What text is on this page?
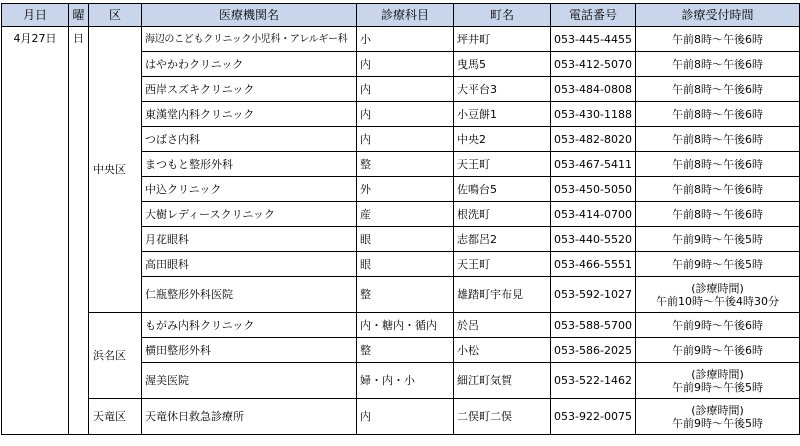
月日	曜	区	医療機関名	診療科目	町名	電話番号	診療受付時間
4月27日	日	中央区	海辺のこどもクリニック小児科・アレルギー科	小	坪井町	053-445-4455	午前8時～午後6時
			はやかわクリニック	内	曳馬5	053-412-5070	午前8時～午後6時
			西岸スズキクリニック	内	大平台3	053-484-0808	午前8時～午後6時
			東漢堂内科クリニック	内	小豆餅1	053-430-1188	午前8時～午後6時
			つばさ内科	内	中央2	053-482-8020	午前8時～午後6時
			まつもと整形外科	整	天王町	053-467-5411	午前8時～午後6時
			中込クリニック	外	佐鳴台5	053-450-5050	午前8時～午後6時
			大樹レディースクリニック	産	根洗町	053-414-0700	午前8時～午後6時
			月花眼科	眼	志都呂2	053-440-5520	午前9時～午後5時
			高田眼科	眼	天王町	053-466-5551	午前9時～午後5時
			仁瓶整形外科医院	整	雄踏町宇布見	053-592-1027	(診療時間)
午前10時～午後4時30分

		浜名区	もがみ内科クリニック	内・糖内・循内	於呂	053-588-5700	午前9時～午後6時
			横田整形外科	整	小松	053-586-2025	午前9時～午後6時
			渥美医院	婦・内・小	細江町気賀	053-522-1462	(診療時間)
午前9時～午後5時

		天竜区	天竜休日救急診療所	内	二俣町二俣	053-922-0075	(診療時間)
午前9時～午後5時
